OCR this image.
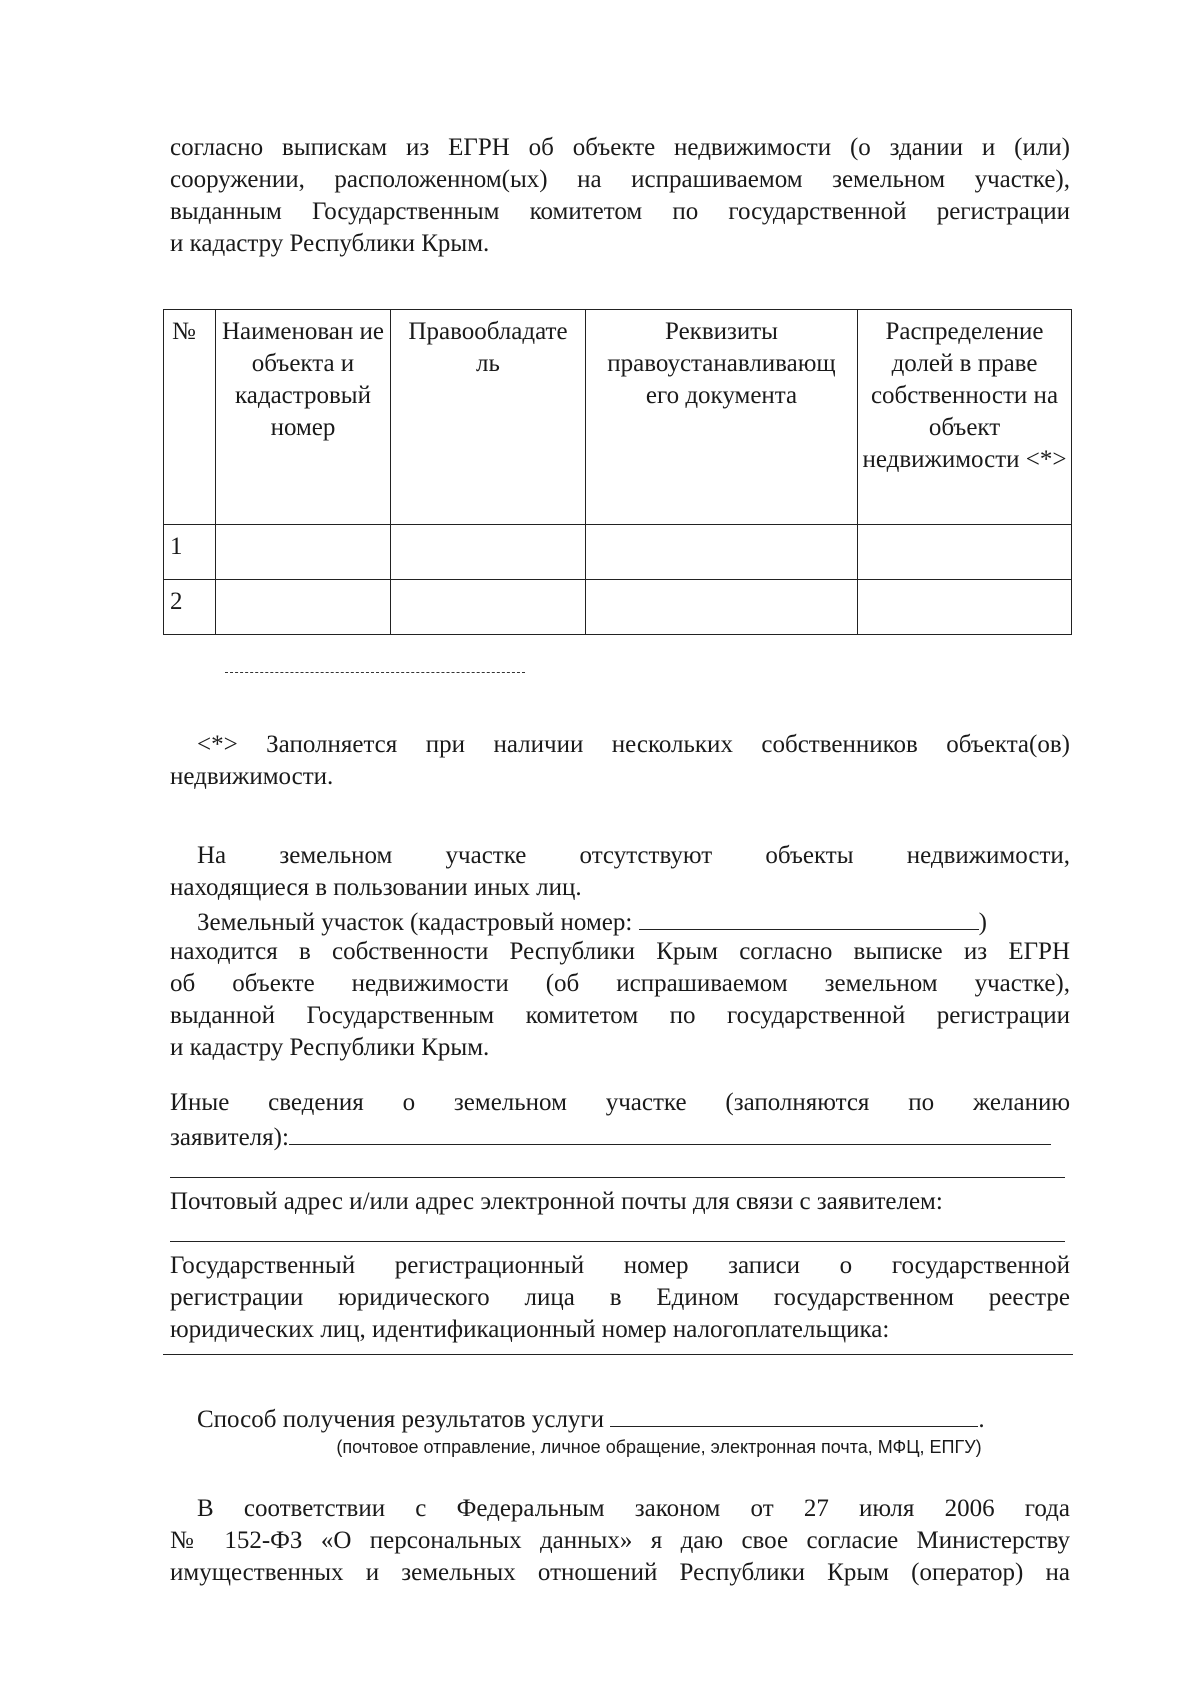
согласно выпискам из ЕГРН об объекте недвижимости (о здании и (или)
сооружении, расположенном(ых) на испрашиваемом земельном участке),
выданным Государственным комитетом по государственной регистрации
и кадастру Республики Крым.
№	Наименован ие объекта и кадастровый номер	Правообладате ль	Реквизиты правоустанавливающ его документа	Распределение долей в праве собственности на объект недвижимости <*>
1				
2				
<*> Заполняется при наличии нескольких собственников объекта(ов)
недвижимости.
На земельном участке отсутствуют объекты недвижимости,
находящиеся в пользовании иных лиц.
Земельный участок (кадастровый номер:	)
находится в собственности Республики Крым согласно выписке из ЕГРН
об объекте недвижимости (об испрашиваемом земельном участке),
выданной Государственным комитетом по государственной регистрации
и кадастру Республики Крым.
Иные сведения о земельном участке (заполняются по желанию
заявителя):
Почтовый адрес и/или адрес электронной почты для связи с заявителем:
Государственный регистрационный номер записи о государственной
регистрации юридического лица в Едином государственном реестре
юридических лиц, идентификационный номер налогоплательщика:
Способ получения результатов услуги	.
(почтовое отправление, личное обращение, электронная почта, МФЦ, ЕПГУ)
В соответствии с Федеральным законом от 27 июля 2006 года
№ 152-ФЗ «О персональных данных» я даю свое согласие Министерству
имущественных и земельных отношений Республики Крым (оператор) на
